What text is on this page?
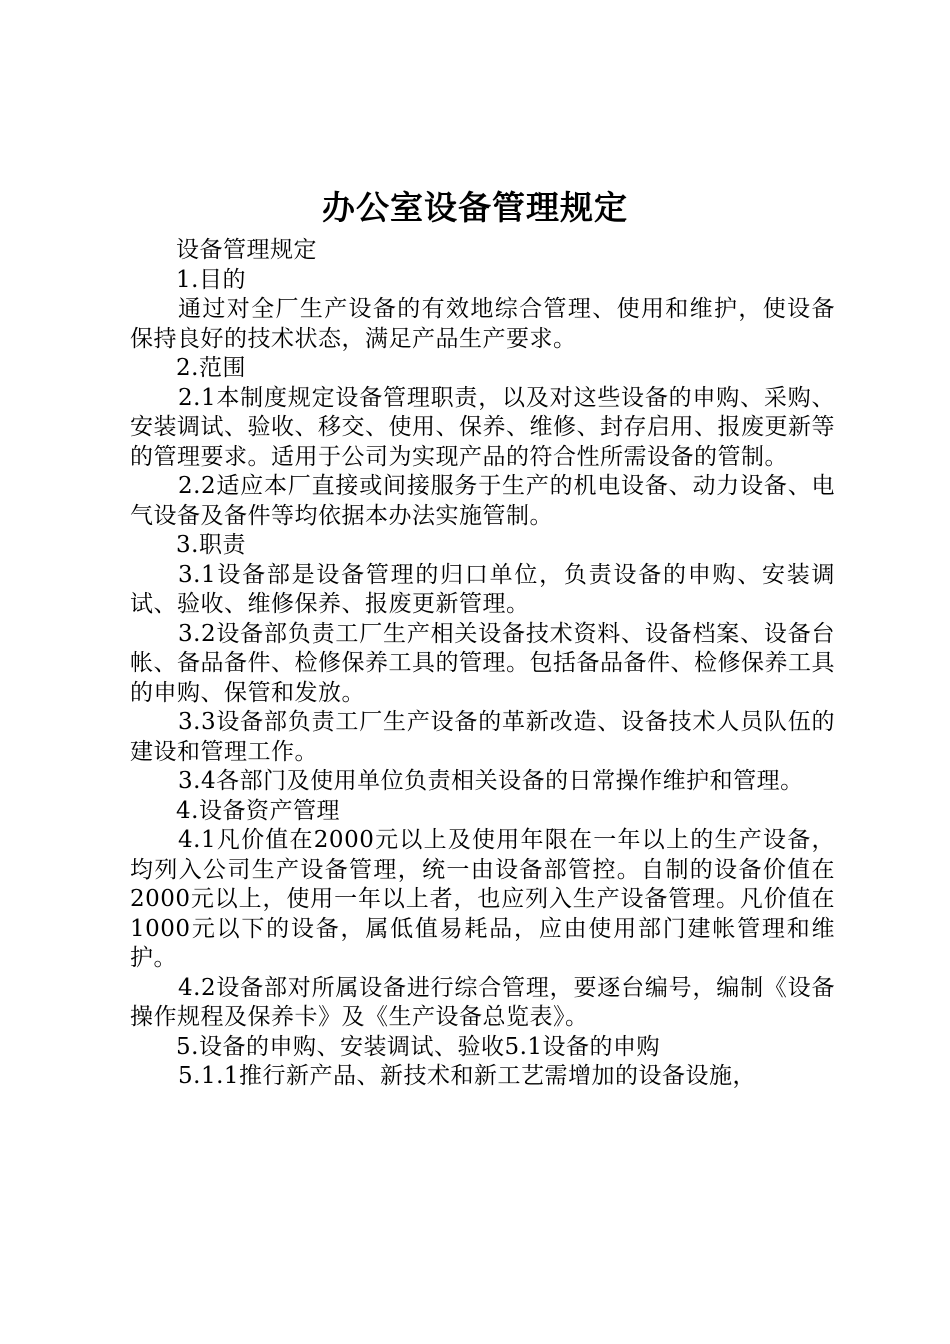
办公室设备管理规定

设备管理规定

1.目的

通过对全厂生产设备的有效地综合管理、使用和维护，使设备保持良好的技术状态，满足产品生产要求。

2.范围

2.1本制度规定设备管理职责，以及对这些设备的申购、采购、安装调试、验收、移交、使用、保养、维修、封存启用、报废更新等的管理要求。适用于公司为实现产品的符合性所需设备的管制。

2.2适应本厂直接或间接服务于生产的机电设备、动力设备、电气设备及备件等均依据本办法实施管制。

3.职责

3.1设备部是设备管理的归口单位，负责设备的申购、安装调试、验收、维修保养、报废更新管理。

3.2设备部负责工厂生产相关设备技术资料、设备档案、设备台帐、备品备件、检修保养工具的管理。包括备品备件、检修保养工具的申购、保管和发放。

3.3设备部负责工厂生产设备的革新改造、设备技术人员队伍的建设和管理工作。

3.4各部门及使用单位负责相关设备的日常操作维护和管理。

4.设备资产管理

4.1凡价值在2000元以上及使用年限在一年以上的生产设备，均列入公司生产设备管理，统一由设备部管控。自制的设备价值在2000元以上，使用一年以上者，也应列入生产设备管理。凡价值在1000元以下的设备，属低值易耗品，应由使用部门建帐管理和维护。

4.2设备部对所属设备进行综合管理，要逐台编号，编制《设备操作规程及保养卡》及《生产设备总览表》。

5.设备的申购、安装调试、验收5.1设备的申购

5.1.1推行新产品、新技术和新工艺需增加的设备设施，
